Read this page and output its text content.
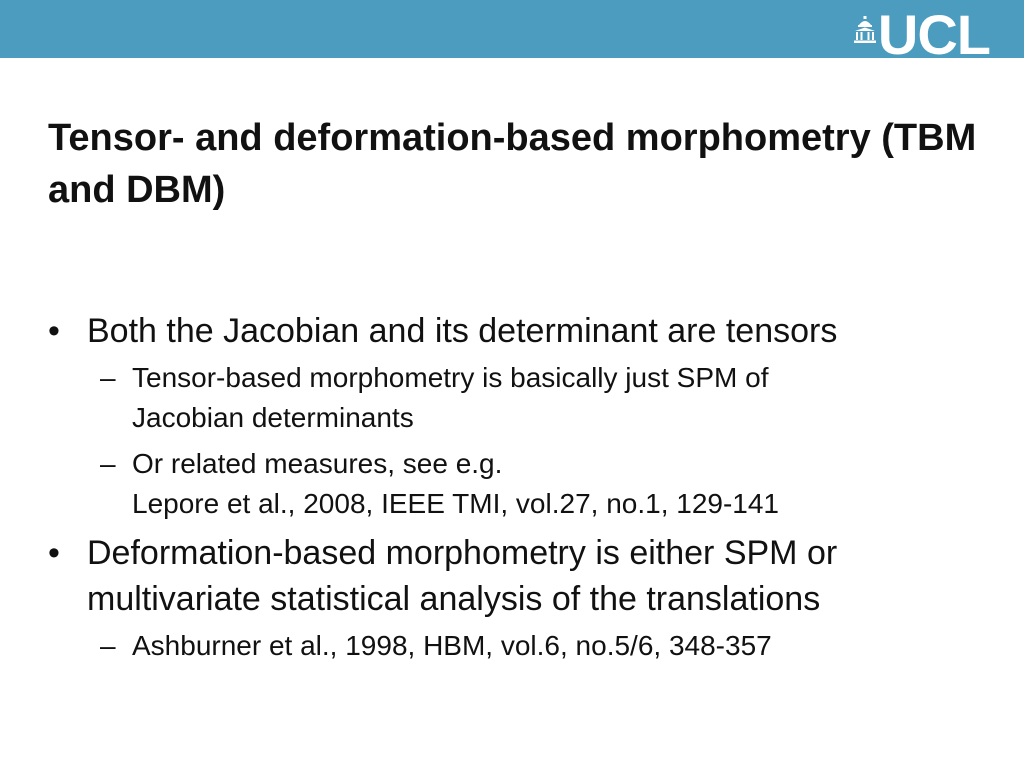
UCL
Tensor- and deformation-based morphometry (TBM and DBM)
• Both the Jacobian and its determinant are tensors
– Tensor-based morphometry is basically just SPM of
Jacobian determinants
– Or related measures, see e.g.
Lepore et al., 2008, IEEE TMI, vol.27, no.1, 129-141
• Deformation-based morphometry is either SPM or multivariate statistical analysis of the translations
– Ashburner et al., 1998, HBM, vol.6, no.5/6, 348-357
